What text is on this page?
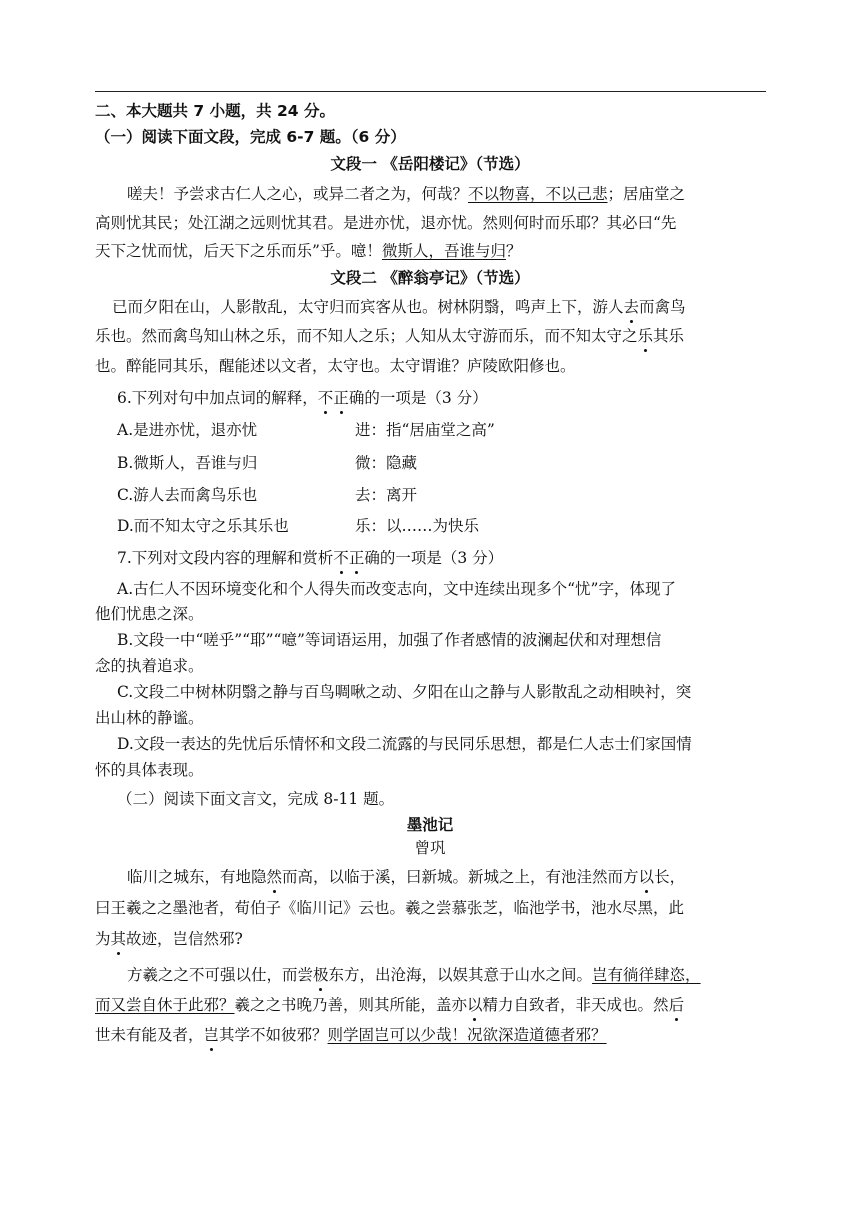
二、本大题共 7 小题，共 24 分。
（一）阅读下面文段，完成 6-7 题。（6 分）
文段一 《岳阳楼记》（节选）
嗟夫！予尝求古仁人之心，或异二者之为，何哉？不以物喜，不以己悲；居庙堂之
高则忧其民；处江湖之远则忧其君。是进亦忧，退亦忧。然则何时而乐耶？其必曰“先
天下之忧而忧，后天下之乐而乐”乎。噫！微斯人，吾谁与归？
文段二 《醉翁亭记》（节选）
已而夕阳在山，人影散乱，太守归而宾客从也。树林阴翳，鸣声上下，游人去而禽鸟
乐也。然而禽鸟知山林之乐，而不知人之乐；人知从太守游而乐，而不知太守之乐其乐
也。醉能同其乐，醒能述以文者，太守也。太守谓谁？庐陵欧阳修也。
6.下列对句中加点词的解释，不正确的一项是（3 分）
A.是进亦忧，退亦忧	进：指“居庙堂之高”
B.微斯人，吾谁与归	微：隐藏
C.游人去而禽鸟乐也	去：离开
D.而不知太守之乐其乐也	乐：以……为快乐
7.下列对文段内容的理解和赏析不正确的一项是（3 分）
A.古仁人不因环境变化和个人得失而改变志向，文中连续出现多个“忧”字，体现了
他们忧患之深。
B.文段一中“嗟乎”“耶”“噫”等词语运用，加强了作者感情的波澜起伏和对理想信
念的执着追求。
C.文段二中树林阴翳之静与百鸟啁啾之动、夕阳在山之静与人影散乱之动相映衬，突
出山林的静谧。
D.文段一表达的先忧后乐情怀和文段二流露的与民同乐思想，都是仁人志士们家国情
怀的具体表现。
（二）阅读下面文言文，完成 8-11 题。
墨池记
曾巩
临川之城东，有地隐然而高，以临于溪，曰新城。新城之上，有池洼然而方以长，
曰王羲之之墨池者，荀伯子《临川记》云也。羲之尝慕张芝，临池学书，池水尽黑，此
为其故迹，岂信然邪?
方羲之之不可强以仕，而尝极东方，出沧海，以娱其意于山水之间。岂有徜徉肆恣，
而又尝自休于此邪？羲之之书晚乃善，则其所能，盖亦以精力自致者，非天成也。然后
世未有能及者，岂其学不如彼邪？则学固岂可以少哉！况欲深造道德者邪？
